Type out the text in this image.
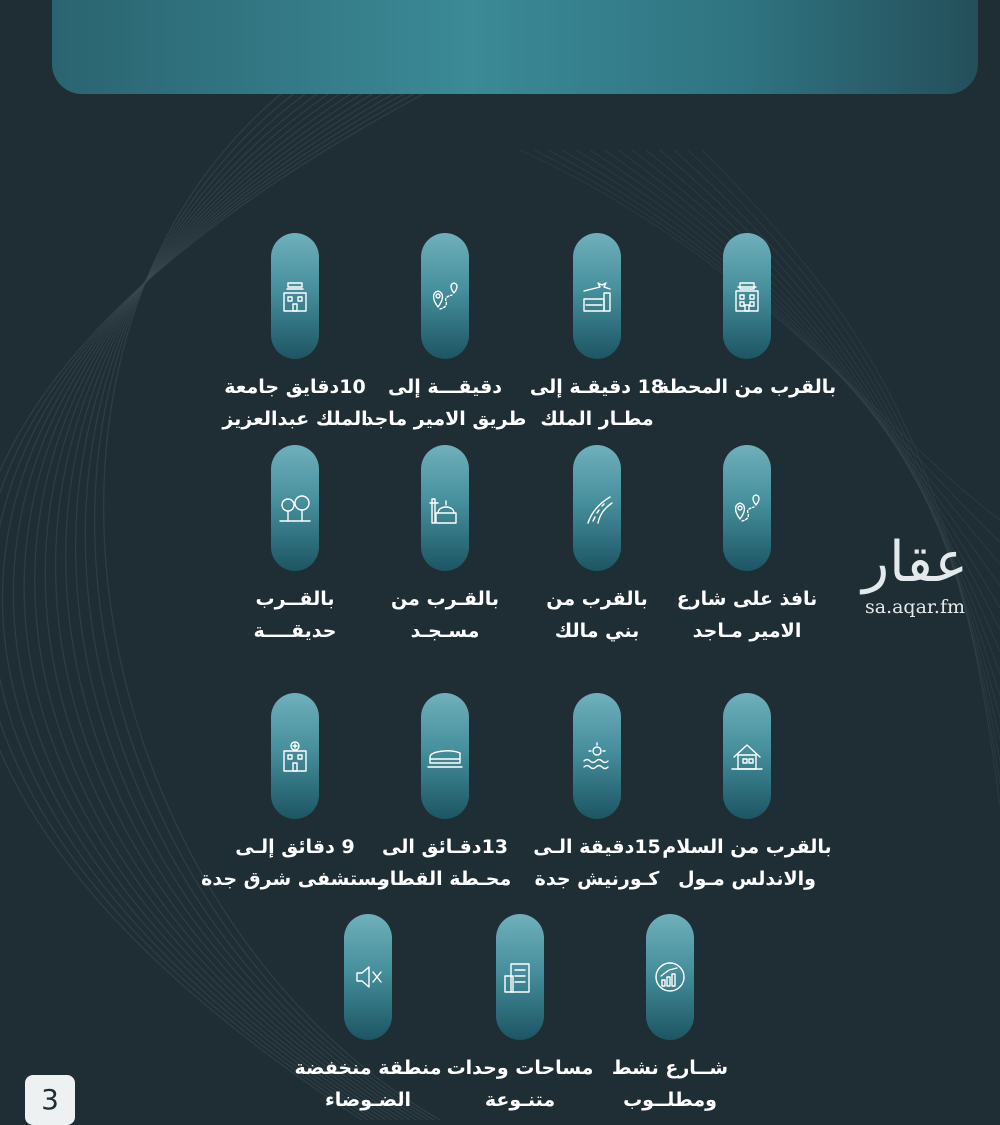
بالقرب من المحطة
18 دقيقـة إلى
مطـار الملك
دقيقـــة إلى
طريق الامير ماجد
10دقايق جامعة
الملك عبدالعزيز
نافذ على شارع
الامير مـاجد
بالقرب من
بني مالك
بالقـرب من
مسـجـد
بالقــرب
حديقــــة
بالقرب من السلام
والاندلس مـول
15دقيقة الـى
كـورنيش جدة
13دقـائق الى
محـطة القطار
9 دقائق إلـى
مستشفى شرق جدة
شــارع نشط
ومطلــوب
مساحات وحدات
متنـوعة
منطقة منخفضة
الضـوضاء
عقار
sa.aqar.fm
3
